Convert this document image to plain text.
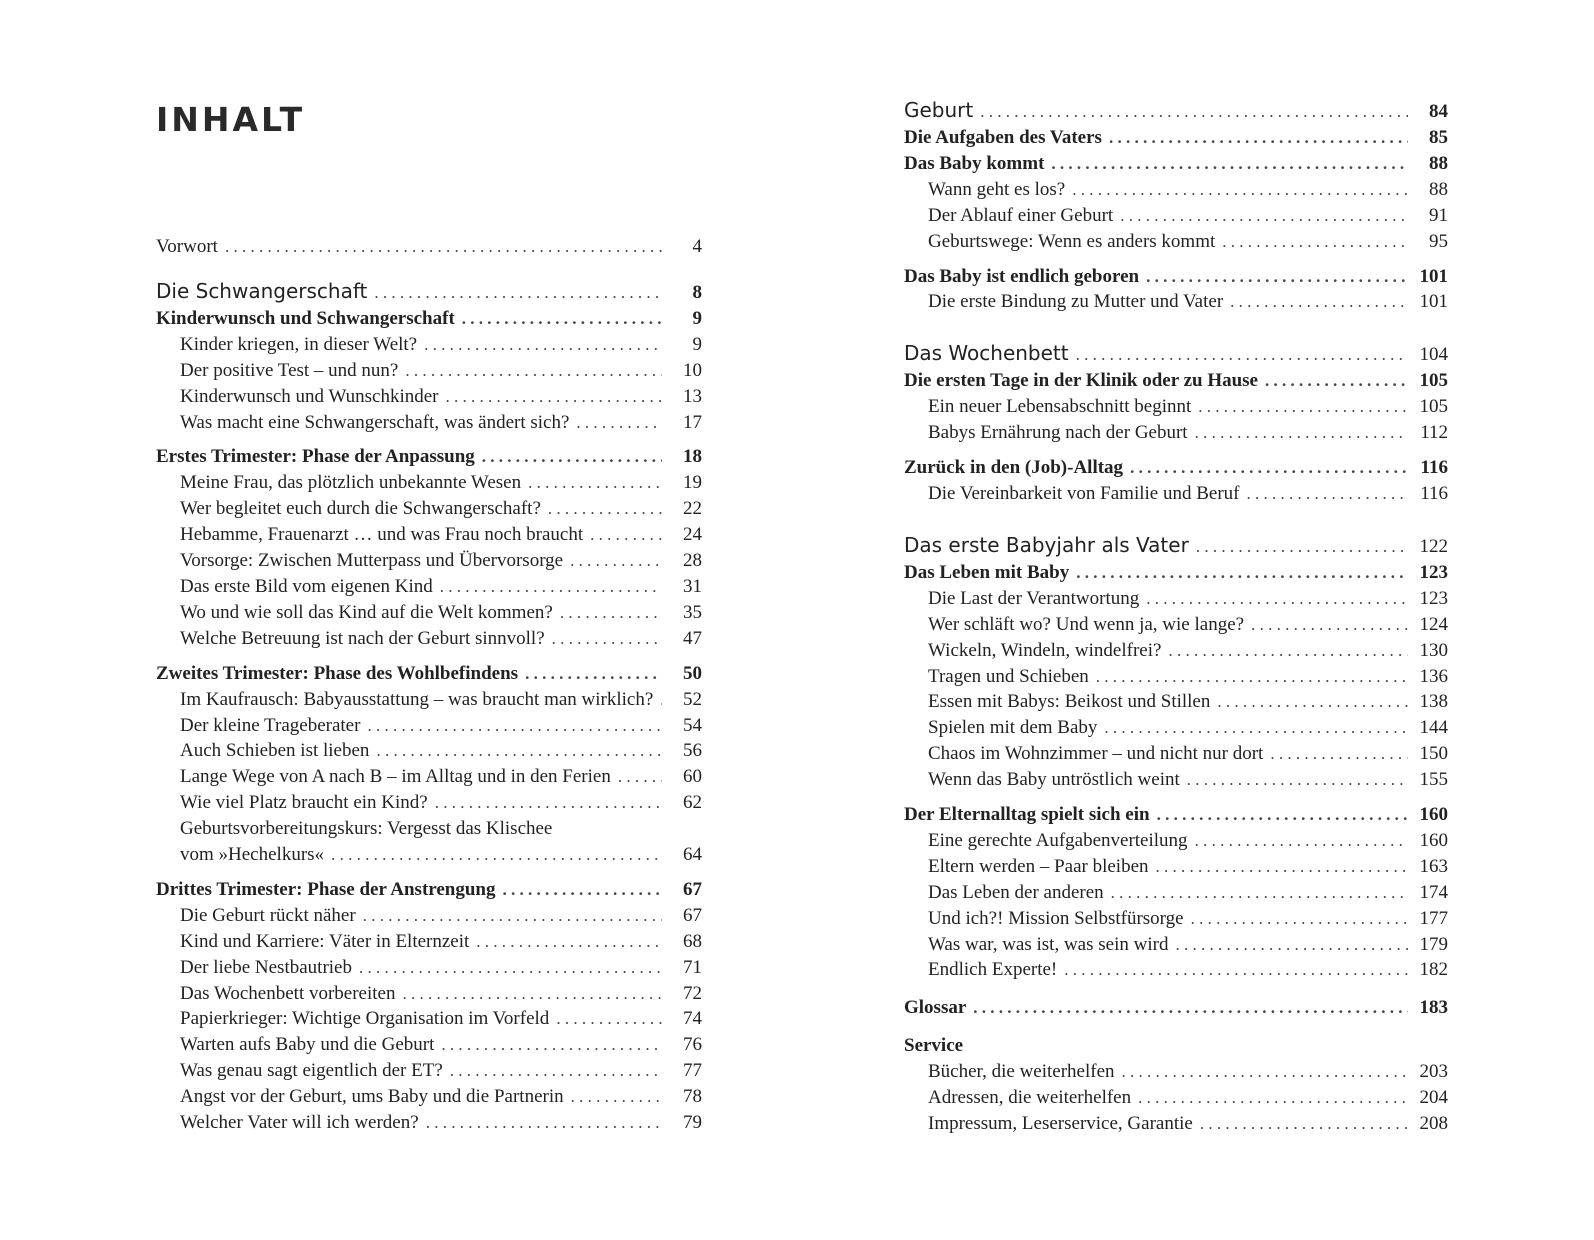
INHALT
Vorwort . . .	4
Die Schwangerschaft . . .	8
Kinderwunsch und Schwangerschaft . . .	9
Kinder kriegen, in dieser Welt? . . .	9
Der positive Test – und nun? . . .	10
Kinderwunsch und Wunschkinder . . .	13
Was macht eine Schwangerschaft, was ändert sich? . . .	17
Erstes Trimester: Phase der Anpassung . . .	18
Meine Frau, das plötzlich unbekannte Wesen . . .	19
Wer begleitet euch durch die Schwangerschaft? . . .	22
Hebamme, Frauenarzt … und was Frau noch braucht . . .	24
Vorsorge: Zwischen Mutterpass und Übervorsorge . . .	28
Das erste Bild vom eigenen Kind . . .	31
Wo und wie soll das Kind auf die Welt kommen? . . .	35
Welche Betreuung ist nach der Geburt sinnvoll? . . .	47
Zweites Trimester: Phase des Wohlbefindens . . .	50
Im Kaufrausch: Babyausstattung – was braucht man wirklich? . . .	52
Der kleine Trageberater . . .	54
Auch Schieben ist lieben . . .	56
Lange Wege von A nach B – im Alltag und in den Ferien . . .	60
Wie viel Platz braucht ein Kind? . . .	62
Geburtsvorbereitungskurs: Vergesst das Klischee
vom »Hechelkurs« . . .	64
Drittes Trimester: Phase der Anstrengung . . .	67
Die Geburt rückt näher . . .	67
Kind und Karriere: Väter in Elternzeit . . .	68
Der liebe Nestbautrieb . . .	71
Das Wochenbett vorbereiten . . .	72
Papierkrieger: Wichtige Organisation im Vorfeld . . .	74
Warten aufs Baby und die Geburt . . .	76
Was genau sagt eigentlich der ET? . . .	77
Angst vor der Geburt, ums Baby und die Partnerin . . .	78
Welcher Vater will ich werden? . . .	79
Geburt . . .	84
Die Aufgaben des Vaters . . .	85
Das Baby kommt . . .	88
Wann geht es los? . . .	88
Der Ablauf einer Geburt . . .	91
Geburtswege: Wenn es anders kommt . . .	95
Das Baby ist endlich geboren . . .	101
Die erste Bindung zu Mutter und Vater . . .	101
Das Wochenbett . . .	104
Die ersten Tage in der Klinik oder zu Hause . . .	105
Ein neuer Lebensabschnitt beginnt . . .	105
Babys Ernährung nach der Geburt . . .	112
Zurück in den (Job)-Alltag . . .	116
Die Vereinbarkeit von Familie und Beruf . . .	116
Das erste Babyjahr als Vater . . .	122
Das Leben mit Baby . . .	123
Die Last der Verantwortung . . .	123
Wer schläft wo? Und wenn ja, wie lange? . . .	124
Wickeln, Windeln, windelfrei? . . .	130
Tragen und Schieben . . .	136
Essen mit Babys: Beikost und Stillen . . .	138
Spielen mit dem Baby . . .	144
Chaos im Wohnzimmer – und nicht nur dort . . .	150
Wenn das Baby untröstlich weint . . .	155
Der Elternalltag spielt sich ein . . .	160
Eine gerechte Aufgabenverteilung . . .	160
Eltern werden – Paar bleiben . . .	163
Das Leben der anderen . . .	174
Und ich?! Mission Selbstfürsorge . . .	177
Was war, was ist, was sein wird . . .	179
Endlich Experte! . . .	182
Glossar . . .	183
Service
Bücher, die weiterhelfen . . .	203
Adressen, die weiterhelfen . . .	204
Impressum, Leserservice, Garantie . . .	208
